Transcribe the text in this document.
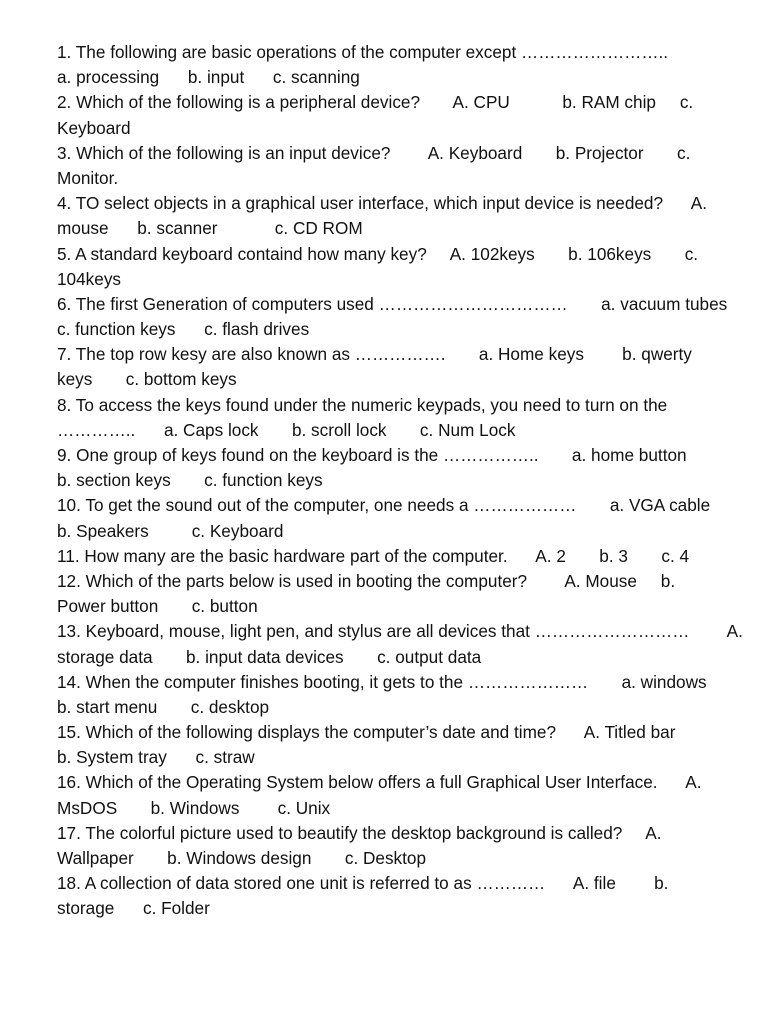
1. The following are basic operations of the computer except ……………………..
a. processing      b. input      c. scanning
2. Which of the following is a peripheral device?       A. CPU           b. RAM chip     c.
Keyboard
3. Which of the following is an input device?        A. Keyboard       b. Projector       c.
Monitor.
4. TO select objects in a graphical user interface, which input device is needed?      A.
mouse      b. scanner            c. CD ROM
5. A standard keyboard containd how many key?     A. 102keys       b. 106keys       c.
104keys
6. The first Generation of computers used ……………………………       a. vacuum tubes
c. function keys      c. flash drives
7. The top row kesy are also known as …………….       a. Home keys        b. qwerty
keys       c. bottom keys
8. To access the keys found under the numeric keypads, you need to turn on the
…………..      a. Caps lock       b. scroll lock       c. Num Lock
9. One group of keys found on the keyboard is the ……………..       a. home button
b. section keys       c. function keys
10. To get the sound out of the computer, one needs a ………………       a. VGA cable
b. Speakers         c. Keyboard
11. How many are the basic hardware part of the computer.      A. 2       b. 3       c. 4
12. Which of the parts below is used in booting the computer?        A. Mouse     b.
Power button       c. button
13. Keyboard, mouse, light pen, and stylus are all devices that ………………………        A.
storage data       b. input data devices       c. output data
14. When the computer finishes booting, it gets to the …………………       a. windows
b. start menu       c. desktop
15. Which of the following displays the computer’s date and time?      A. Titled bar
b. System tray      c. straw
16. Which of the Operating System below offers a full Graphical User Interface.      A.
MsDOS       b. Windows        c. Unix
17. The colorful picture used to beautify the desktop background is called?     A.
Wallpaper       b. Windows design       c. Desktop
18. A collection of data stored one unit is referred to as …………      A. file        b.
storage      c. Folder
